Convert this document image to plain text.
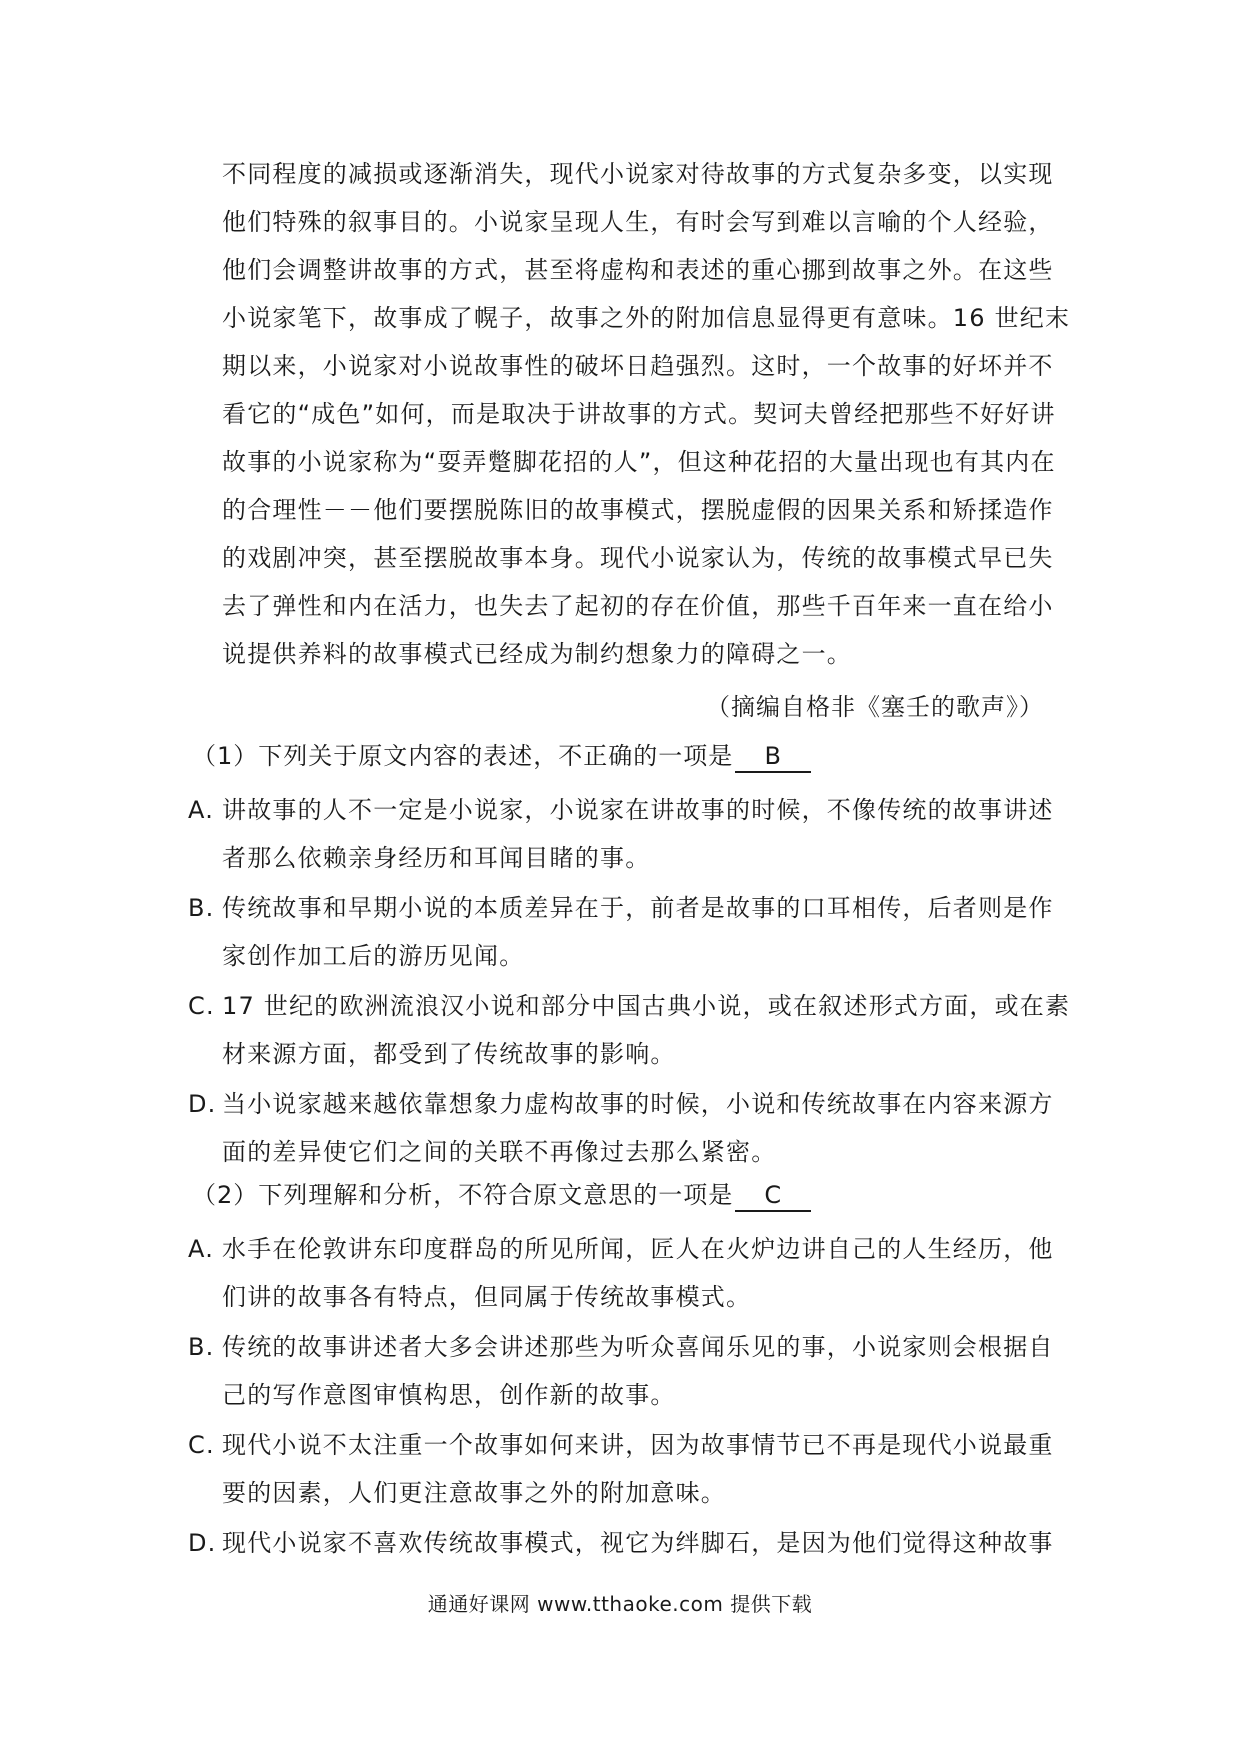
不同程度的减损或逐渐消失，现代小说家对待故事的方式复杂多变，以实现
他们特殊的叙事目的。小说家呈现人生，有时会写到难以言喻的个人经验，
他们会调整讲故事的方式，甚至将虚构和表述的重心挪到故事之外。在这些
小说家笔下，故事成了幌子，故事之外的附加信息显得更有意味。16 世纪末
期以来，小说家对小说故事性的破坏日趋强烈。这时，一个故事的好坏并不
看它的“成色”如何，而是取决于讲故事的方式。契诃夫曾经把那些不好好讲
故事的小说家称为“耍弄蹩脚花招的人”，但这种花招的大量出现也有其内在
的合理性－－他们要摆脱陈旧的故事模式，摆脱虚假的因果关系和矫揉造作
的戏剧冲突，甚至摆脱故事本身。现代小说家认为，传统的故事模式早已失
去了弹性和内在活力，也失去了起初的存在价值，那些千百年来一直在给小
说提供养料的故事模式已经成为制约想象力的障碍之一。
（摘编自格非《塞壬的歌声》）
（1）下列关于原文内容的表述，不正确的一项是 B
A. 讲故事的人不一定是小说家，小说家在讲故事的时候，不像传统的故事讲述
者那么依赖亲身经历和耳闻目睹的事。
B. 传统故事和早期小说的本质差异在于，前者是故事的口耳相传，后者则是作
家创作加工后的游历见闻。
C. 17 世纪的欧洲流浪汉小说和部分中国古典小说，或在叙述形式方面，或在素
材来源方面，都受到了传统故事的影响。
D. 当小说家越来越依靠想象力虚构故事的时候，小说和传统故事在内容来源方
面的差异使它们之间的关联不再像过去那么紧密。
（2）下列理解和分析，不符合原文意思的一项是 C
A. 水手在伦敦讲东印度群岛的所见所闻，匠人在火炉边讲自己的人生经历，他
们讲的故事各有特点，但同属于传统故事模式。
B. 传统的故事讲述者大多会讲述那些为听众喜闻乐见的事，小说家则会根据自
己的写作意图审慎构思，创作新的故事。
C. 现代小说不太注重一个故事如何来讲，因为故事情节已不再是现代小说最重
要的因素，人们更注意故事之外的附加意味。
D. 现代小说家不喜欢传统故事模式，视它为绊脚石，是因为他们觉得这种故事
通通好课网 www.tthaoke.com 提供下载
